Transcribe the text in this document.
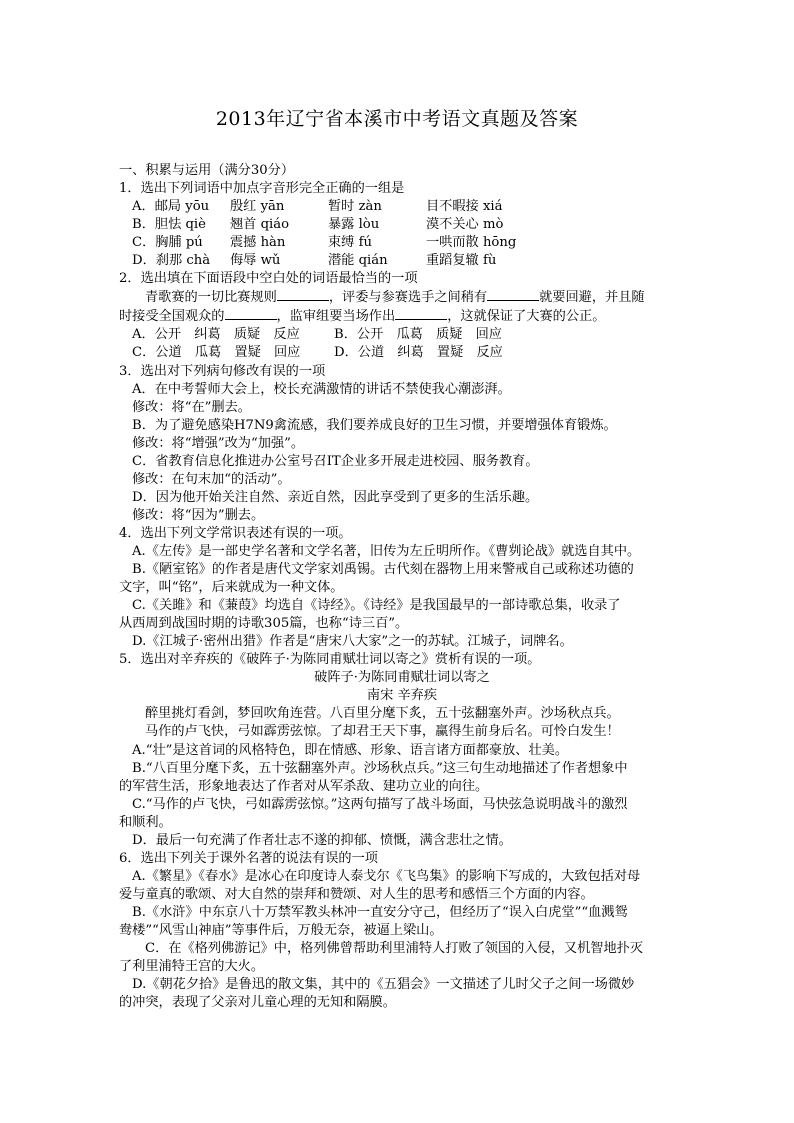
2013年辽宁省本溪市中考语文真题及答案
一、积累与运用（满分30分）
1．选出下列词语中加点字音形完全正确的一组是
A．邮局 yōu 殷红 yān	暂时 zàn	目不暇接 xiá
B．胆怯 qiè 翘首 qiáo	暴露 lòu	漠不关心 mò
C．胸脯 pú 震撼 hàn	束缚 fú	一哄而散 hōng
D．刹那 chà 侮辱 wǔ	潜能 qián	重蹈复辙 fù
2．选出填在下面语段中空白处的词语最恰当的一项
青歌赛的一切比赛规则	，评委与参赛选手之间稍有	就要回避，并且随
时接受全国观众的	，监审组要当场作出	，这就保证了大赛的公正。
A．公开　纠葛　质疑　反应	B．公开　瓜葛　质疑　回应
C．公道　瓜葛　置疑　回应	D．公道　纠葛　置疑　反应
3．选出对下列病句修改有误的一项
A．在中考誓师大会上，校长充满激情的讲话不禁使我心潮澎湃。
修改：将“在”删去。
B．为了避免感染H7N9禽流感，我们要养成良好的卫生习惯，并要增强体育锻炼。
修改：将“增强”改为“加强”。
C．省教育信息化推进办公室号召IT企业多开展走进校园、服务教育。
修改：在句末加“的活动”。
D．因为他开始关注自然、亲近自然，因此享受到了更多的生活乐趣。
修改：将“因为”删去。
4．选出下列文学常识表述有误的一项。
A.《左传》是一部史学名著和文学名著，旧传为左丘明所作。《曹刿论战》就选自其中。
B.《陋室铭》的作者是唐代文学家刘禹锡。古代刻在器物上用来警戒自己或称述功德的
文字，叫“铭”，后来就成为一种文体。
C.《关雎》和《蒹葭》均选自《诗经》。《诗经》是我国最早的一部诗歌总集，收录了
从西周到战国时期的诗歌305篇，也称“诗三百”。
D.《江城子·密州出猎》作者是“唐宋八大家”之一的苏轼。江城子，词牌名。
5．选出对辛弃疾的《破阵子·为陈同甫赋壮词以寄之》赏析有误的一项。
破阵子·为陈同甫赋壮词以寄之
南宋 辛弃疾
醉里挑灯看剑，梦回吹角连营。八百里分麾下炙，五十弦翻塞外声。沙场秋点兵。
马作的卢飞快，弓如霹雳弦惊。了却君王天下事，赢得生前身后名。可怜白发生！
A.“壮”是这首词的风格特色，即在情感、形象、语言诸方面都豪放、壮美。
B.“八百里分麾下炙，五十弦翻塞外声。沙场秋点兵。”这三句生动地描述了作者想象中
的军营生活，形象地表达了作者对从军杀敌、建功立业的向往。
C.“马作的卢飞快，弓如霹雳弦惊。”这两句描写了战斗场面，马快弦急说明战斗的激烈
和顺利。
D．最后一句充满了作者壮志不遂的抑郁、愤慨，满含悲壮之情。
6．选出下列关于课外名著的说法有误的一项
A.《繁星》《春水》是冰心在印度诗人泰戈尔《飞鸟集》的影响下写成的，大致包括对母
爱与童真的歌颂、对大自然的崇拜和赞颂、对人生的思考和感悟三个方面的内容。
B.《水浒》中东京八十万禁军教头林冲一直安分守己，但经历了“误入白虎堂”“血溅鸳
鸯楼”“风雪山神庙”等事件后，万般无奈，被逼上梁山。
C．在《格列佛游记》中，格列佛曾帮助利里浦特人打败了领国的入侵，又机智地扑灭
了利里浦特王宫的大火。
D.《朝花夕拾》是鲁迅的散文集，其中的《五猖会》一文描述了儿时父子之间一场微妙
的冲突，表现了父亲对儿童心理的无知和隔膜。
